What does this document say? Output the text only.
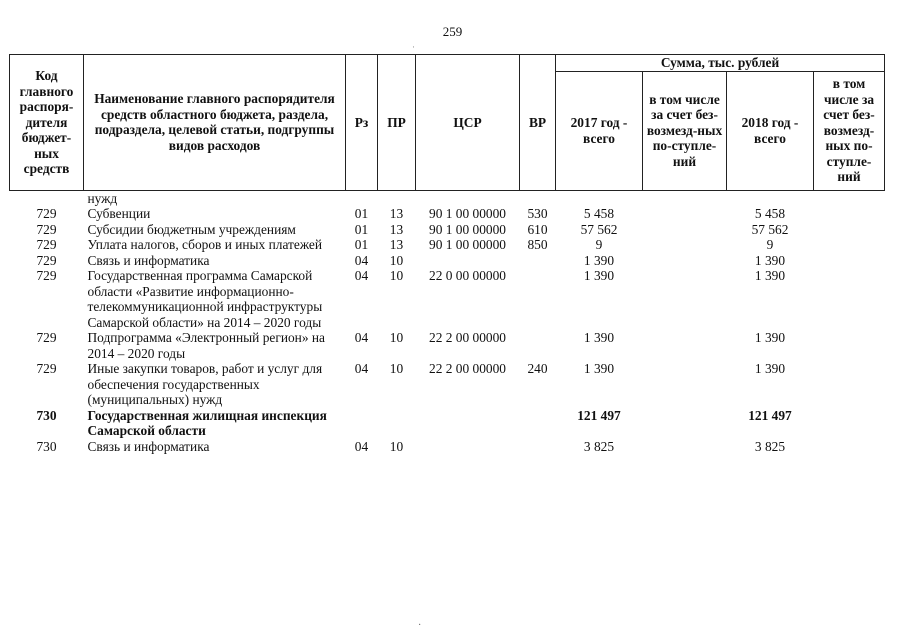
259
Код главного распоря-дителя бюджет-ных средств	Наименование главного распорядителя средств областного бюджета, раздела, подраздела, целевой статьи, подгруппы видов расходов	Рз	ПР	ЦСР	ВР	Сумма, тыс. рублей			
						2017 год - всего	в том числе за счет без-возмезд-ных по-ступле-ний	2018 год - всего	в том числе за счет без-возмезд-ных по-ступле-ний
	нужд								
729	Субвенции	01	13	90 1 00 00000	530	5 458		5 458	
729	Субсидии бюджетным учреждениям	01	13	90 1 00 00000	610	57 562		57 562	
729	Уплата налогов, сборов и иных платежей	01	13	90 1 00 00000	850	9		9	
729	Связь и информатика	04	10			1 390		1 390	
729	Государственная программа Самарской области «Развитие информационно-телекоммуникационной инфраструктуры Самарской области» на 2014 – 2020 годы	04	10	22 0 00 00000		1 390		1 390	
729	Подпрограмма «Электронный регион» на 2014 – 2020 годы	04	10	22 2 00 00000		1 390		1 390	
729	Иные закупки товаров, работ и услуг для обеспечения государственных (муниципальных) нужд	04	10	22 2 00 00000	240	1 390		1 390	
730	Государственная жилищная инспекция Самарской области					121 497		121 497	
730	Связь и информатика	04	10			3 825		3 825	
·
·
